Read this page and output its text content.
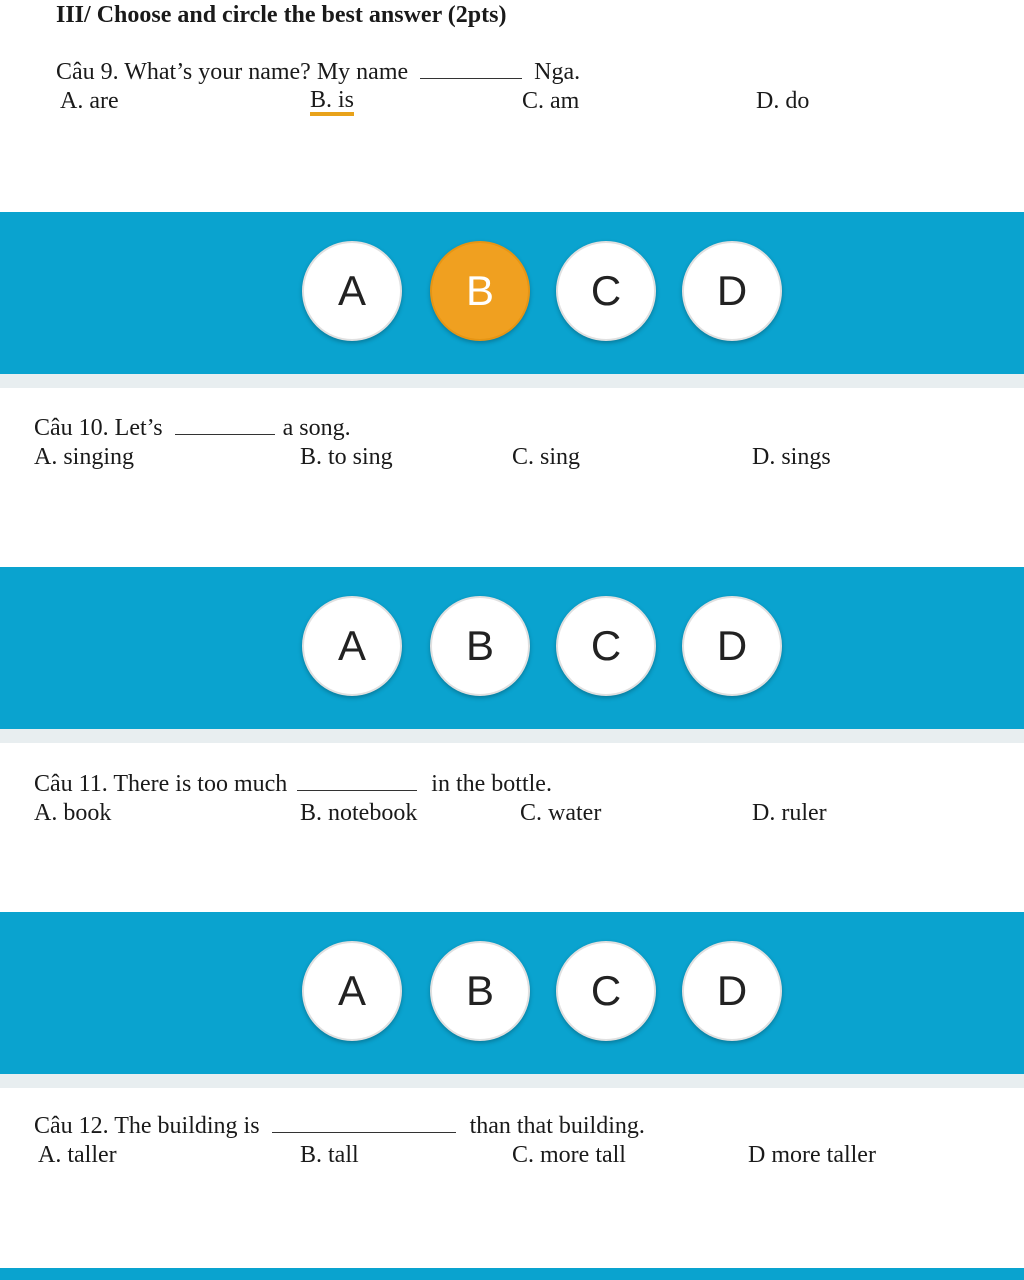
III/ Choose and circle the best answer (2pts)
Câu 9. What’s your name? My name	Nga.
A. are	B. is	C. am	D. do
A	B	C	D
Câu 10. Let’s	a song.
A. singing	B. to sing	C. sing	D. sings
A	B	C	D
Câu 11. There is too much	in the bottle.
A. book	B. notebook	C. water	D. ruler
A	B	C	D
Câu 12. The building is	than that building.
A. taller	B. tall	C. more tall	D more taller
